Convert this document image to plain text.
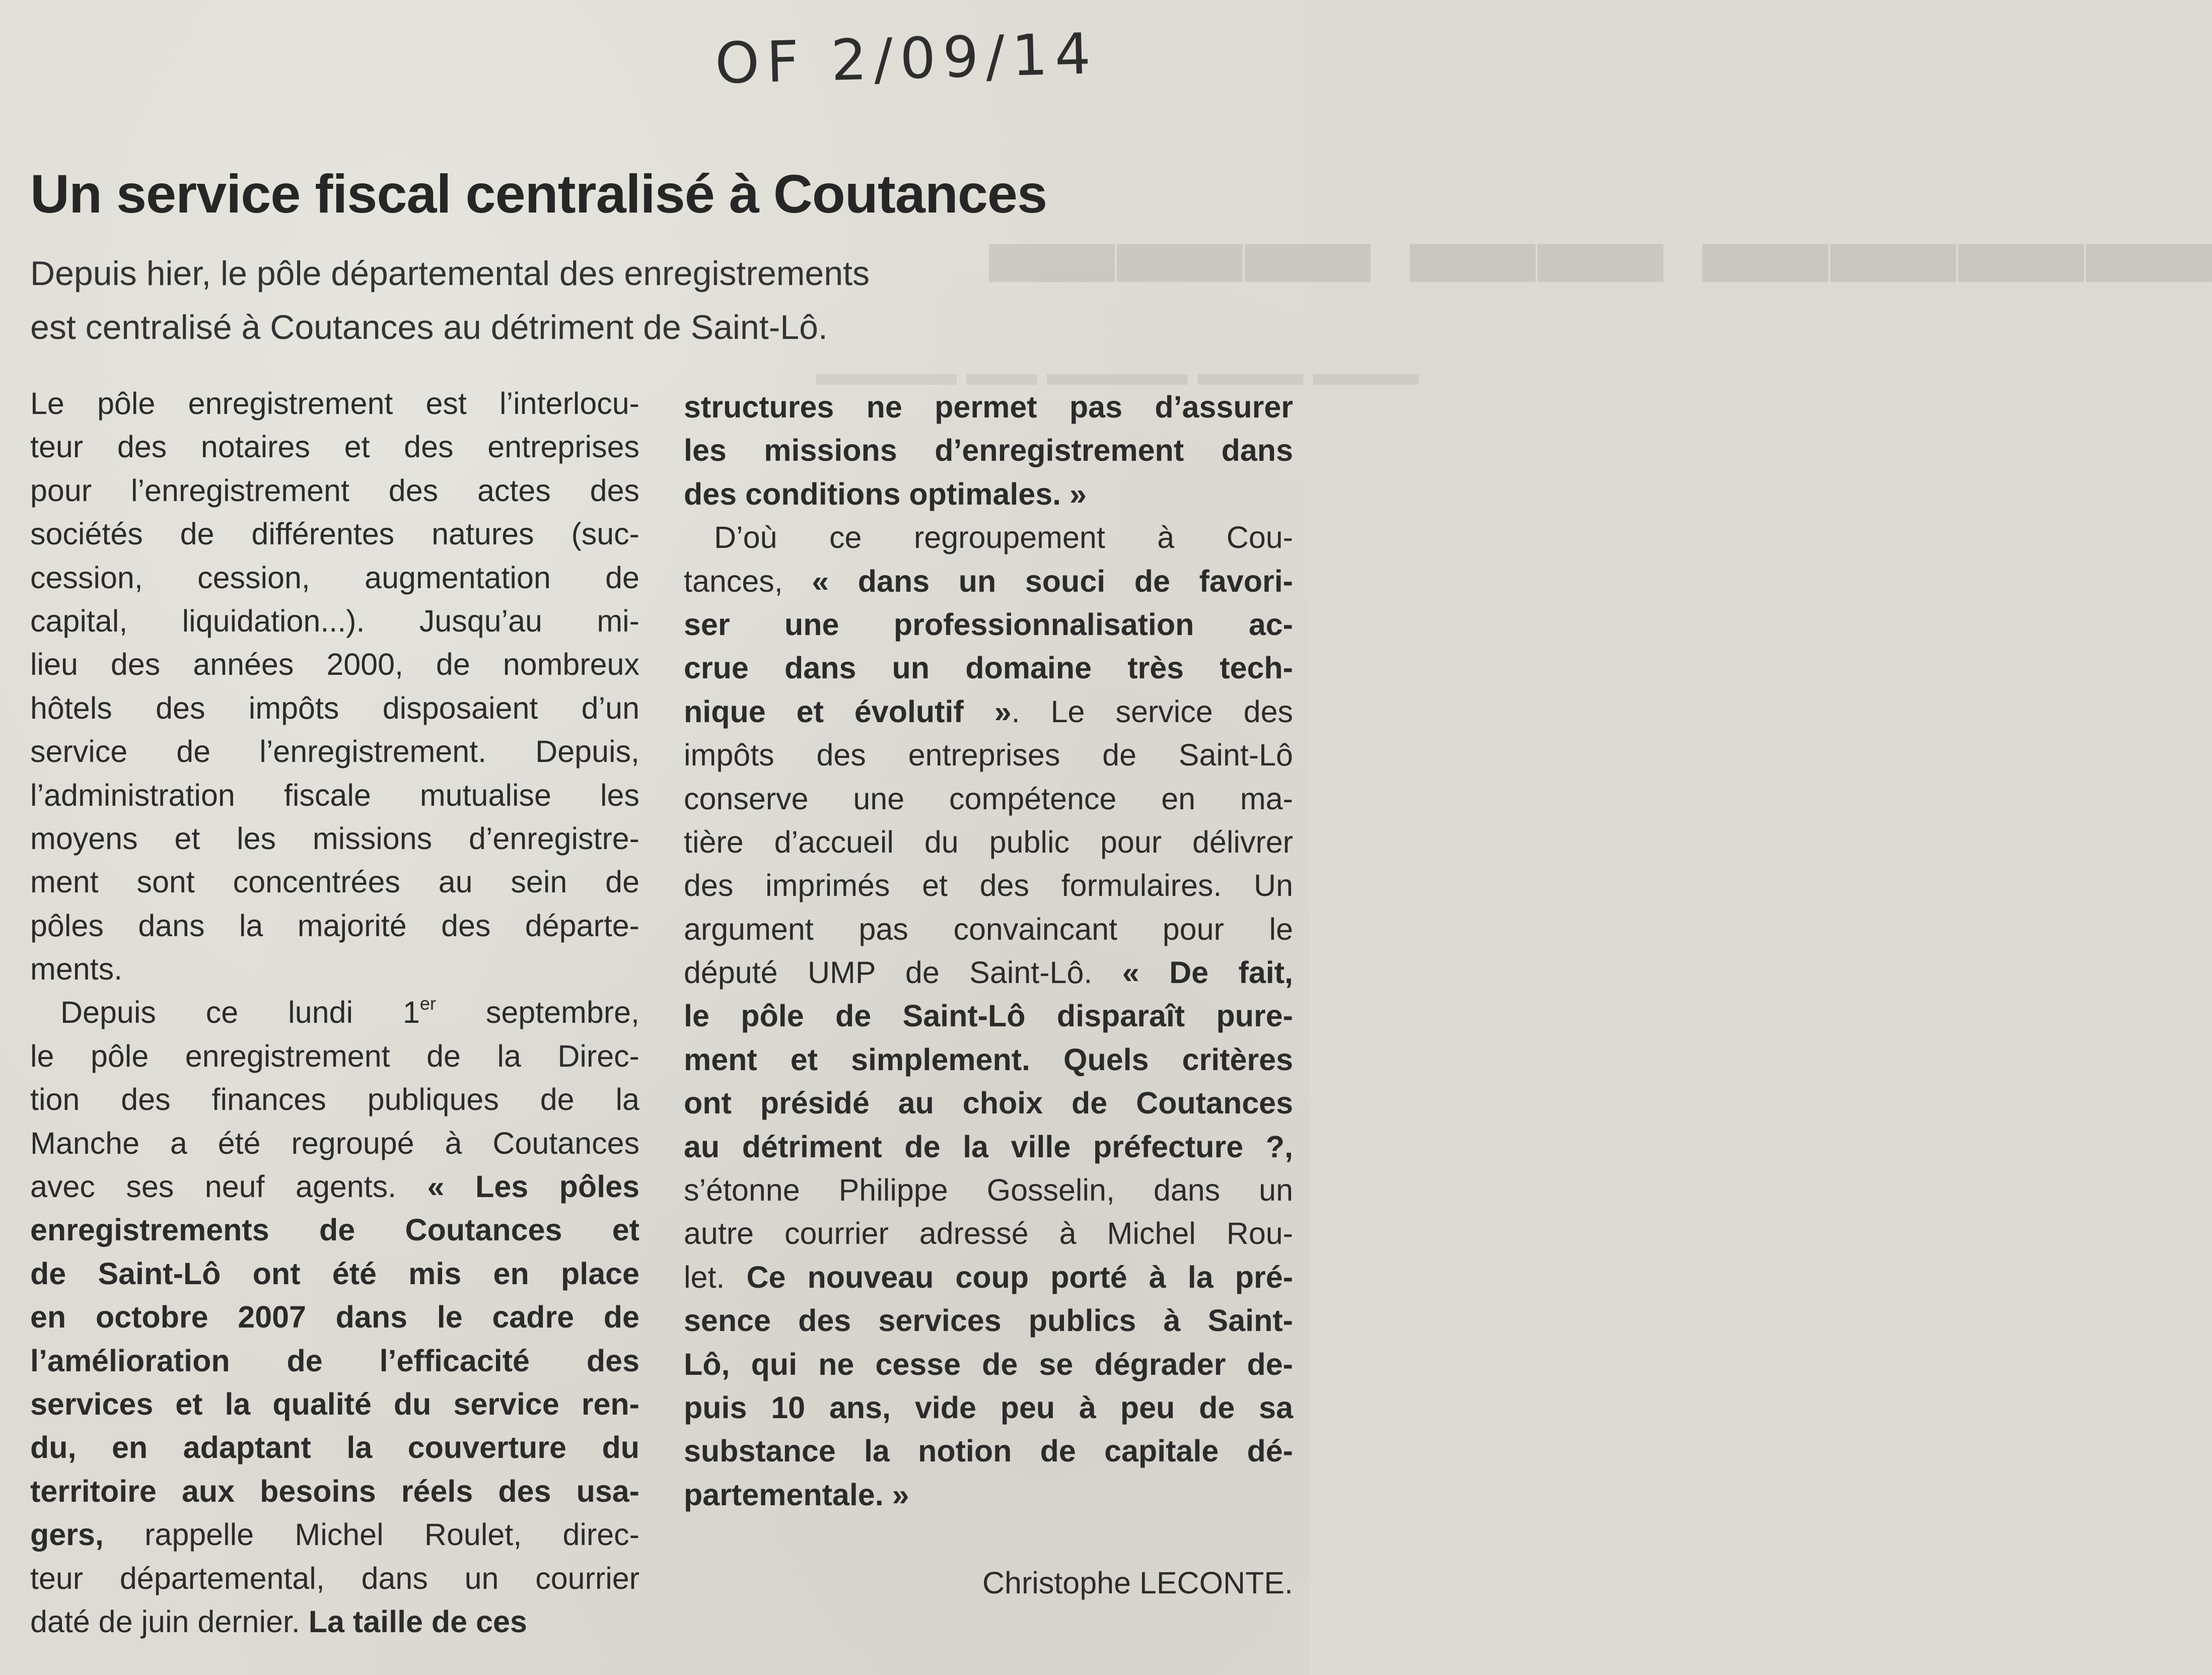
▬▬▬▬ ▬▬ ▬▬▬
▬▬▬ ▬▬▬ ▬▬▬▬ ▬▬ ▬▬▬▬
OF 2/09/14
Un service fiscal centralisé à Coutances
Depuis hier, le pôle départemental des enregistrements
est centralisé à Coutances au détriment de Saint-Lô.
Le pôle enregistrement est l’interlocu-
teur des notaires et des entreprises
pour l’enregistrement des actes des
sociétés de différentes natures (suc-
cession, cession, augmentation de
capital, liquidation...). Jusqu’au mi-
lieu des années 2000, de nombreux
hôtels des impôts disposaient d’un
service de l’enregistrement. Depuis,
l’administration fiscale mutualise les
moyens et les missions d’enregistre-
ment sont concentrées au sein de
pôles dans la majorité des départe-
ments.
Depuis ce lundi 1er septembre,
le pôle enregistrement de la Direc-
tion des finances publiques de la
Manche a été regroupé à Coutances
avec ses neuf agents. « Les pôles
enregistrements de Coutances et
de Saint-Lô ont été mis en place
en octobre 2007 dans le cadre de
l’amélioration de l’efficacité des
services et la qualité du service ren-
du, en adaptant la couverture du
territoire aux besoins réels des usa-
gers, rappelle Michel Roulet, direc-
teur départemental, dans un courrier
daté de juin dernier. La taille de ces
structures ne permet pas d’assurer
les missions d’enregistrement dans
des conditions optimales. »
D’où ce regroupement à Cou-
tances, « dans un souci de favori-
ser une professionnalisation ac-
crue dans un domaine très tech-
nique et évolutif ». Le service des
impôts des entreprises de Saint-Lô
conserve une compétence en ma-
tière d’accueil du public pour délivrer
des imprimés et des formulaires. Un
argument pas convaincant pour le
député UMP de Saint-Lô. « De fait,
le pôle de Saint-Lô disparaît pure-
ment et simplement. Quels critères
ont présidé au choix de Coutances
au détriment de la ville préfecture ?,
s’étonne Philippe Gosselin, dans un
autre courrier adressé à Michel Rou-
let. Ce nouveau coup porté à la pré-
sence des services publics à Saint-
Lô, qui ne cesse de se dégrader de-
puis 10 ans, vide peu à peu de sa
substance la notion de capitale dé-
partementale. »
Christophe LECONTE.
